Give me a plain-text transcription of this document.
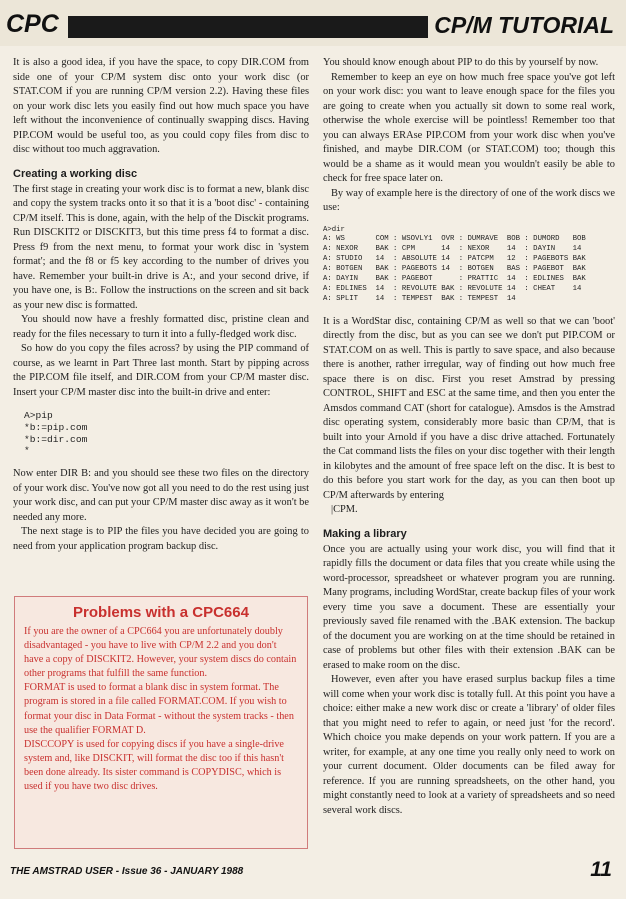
CPC	CP/M TUTORIAL

It is also a good idea, if you have the space, to copy DIR.COM from side one of your CP/M system disc onto your work disc (or STAT.COM if you are running CP/M version 2.2). Having these files on your work disc lets you easily find out how much space you have left without the inconvenience of continually swapping discs. Having PIP.COM would be useful too, as you could copy files from disc to disc without too much aggravation.

Creating a working disc

The first stage in creating your work disc is to format a new, blank disc and copy the system tracks onto it so that it is a 'boot disc' - containing CP/M itself. This is done, again, with the help of the Disckit programs. Run DISCKIT2 or DISCKIT3, but this time press f4 to format a disc. Press f9 from the next menu, to format your work disc in 'system format'; and the f8 or f5 key according to the number of drives you have. Remember your built-in drive is A:, and your second drive, if you have one, is B:. Follow the instructions on the screen and sit back as your new disc is formatted.

You should now have a freshly formatted disc, pristine clean and ready for the files necessary to turn it into a fully-fledged work disc.

So how do you copy the files across? by using the PIP command of course, as we learnt in Part Three last month. Start by pipping across the PIP.COM file itself, and DIR.COM from your CP/M master disc. Insert your CP/M master disc into the built-in drive and enter:

A>pip
*b:=pip.com
*b:=dir.com
*

Now enter DIR B: and you should see these two files on the directory of your work disc. You've now got all you need to do the rest using just your work disc, and can put your CP/M master disc away as it won't be needed any more.

The next stage is to PIP the files you have decided you are going to need from your application program backup disc.

Problems with a CPC664

If you are the owner of a CPC664 you are unfortunately doubly disadvantaged - you have to live with CP/M 2.2 and you don't have a copy of DISCKIT2. However, your system discs do contain other programs that fulfill the same function.

FORMAT is used to format a blank disc in system format. The program is stored in a file called FORMAT.COM. If you wish to format your disc in Data Format - without the system tracks - then use the qualifier FORMAT D.

DISCCOPY is used for copying discs if you have a single-drive system and, like DISCKIT, will format the disc too if this hasn't been done already. Its sister command is COPYDISC, which is used if you have two disc drives.

You should know enough about PIP to do this by yourself by now.

Remember to keep an eye on how much free space you've got left on your work disc: you want to leave enough space for the files you are going to create when you actually sit down to some real work, otherwise the whole exercise will be pointless! Remember too that you can always ERAse PIP.COM from your work disc when you've finished, and maybe DIR.COM (or STAT.COM) too; though this would be a shame as it would mean you wouldn't easily be able to check for free space later on.

By way of example here is the directory of one of the work discs we use:

A>dir
A: WS       COM : WSOVLY1  OVR : DUMRAVE  BOB : DUMORD   BOB
A: NEXOR    BAK : CPM      14  : NEXOR    14  : DAYIN    14
A: STUDIO   14  : ABSOLUTE 14  : PATCPM   12  : PAGEBOTS BAK
A: BOTGEN   BAK : PAGEBOTS 14  : BOTGEN   BAS : PAGEBOT  BAK
A: DAYIN    BAK : PAGEBOT      : PRATTIC  14  : EDLINES  BAK
A: EDLINES  14  : REVOLUTE BAK : REVOLUTE 14  : CHEAT    14
A: SPLIT    14  : TEMPEST  BAK : TEMPEST  14

It is a WordStar disc, containing CP/M as well so that we can 'boot' directly from the disc, but as you can see we don't put PIP.COM or STAT.COM on as well. This is partly to save space, and also because there is another, rather irregular, way of finding out how much free space there is on disc. First you reset Amstrad by pressing CONTROL, SHIFT and ESC at the same time, and then you enter the Amsdos command CAT (short for catalogue). Amsdos is the Amstrad disc operating system, considerably more basic than CP/M, that is built into your Arnold if you have a disc drive attached. Fortunately the Cat command lists the files on your disc together with their length in kilobytes and the amount of free space left on the disc. It is best to do this before you start work for the day, as you can then boot up CP/M afterwards by entering
|CPM.

Making a library

Once you are actually using your work disc, you will find that it rapidly fills the document or data files that you create while using the word-processor, spreadsheet or whatever program you are running. Many programs, including WordStar, create backup files of your work every time you save a document. These are essentially your previously saved file renamed with the .BAK extension. The backup of the document you are working on at the time should be retained in case of problems but other files with their extension .BAK can be erased to make room on the disc.

However, even after you have erased surplus backup files a time will come when your work disc is totally full. At this point you have a choice: either make a new work disc or create a 'library' of older files that you might need to refer to again, or need just 'for the record'. Which choice you make depends on your work pattern. If you are a writer, for example, at any one time you really only need to work on your current document. Older documents can be filed away for reference. If you are running spreadsheets, on the other hand, you might constantly need to look at a variety of spreadsheets and so need several work discs.

THE AMSTRAD USER - Issue 36 - JANUARY 1988	11
